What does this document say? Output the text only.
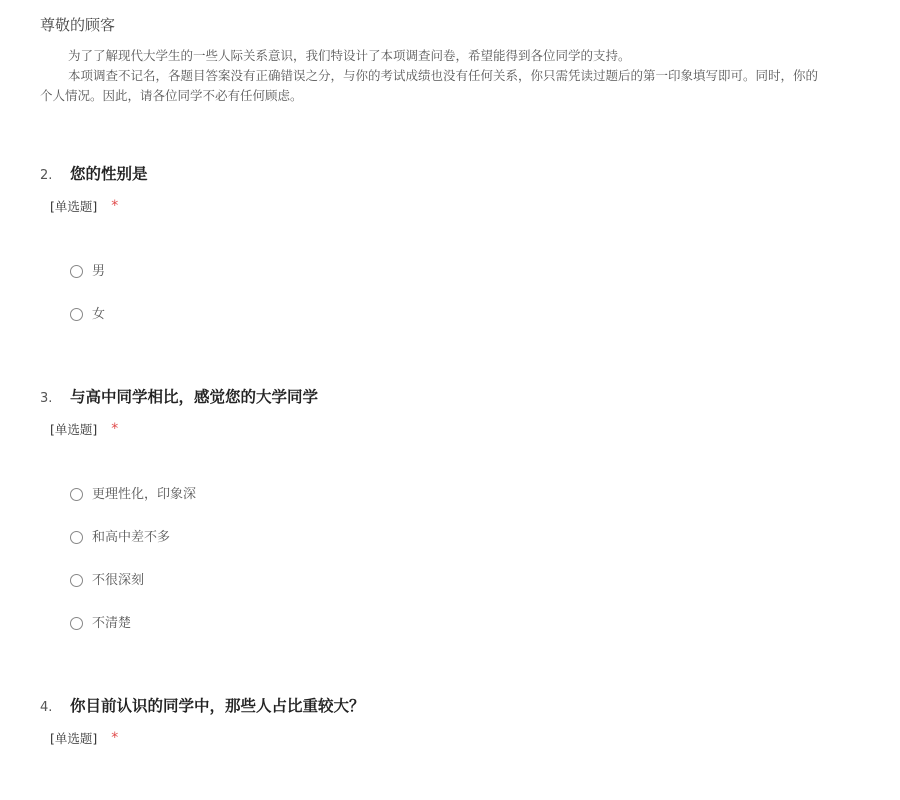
尊敬的顾客
为了了解现代大学生的一些人际关系意识，我们特设计了本项调查问卷，希望能得到各位同学的支持。
本项调查不记名，各题目答案没有正确错误之分，与你的考试成绩也没有任何关系，你只需凭读过题后的第一印象填写即可。同时，你的
个人情况。因此，请各位同学不必有任何顾虑。
2.	您的性别是
[单选题] *
男
女
3.	与高中同学相比，感觉您的大学同学
[单选题] *
更理性化，印象深
和高中差不多
不很深刻
不清楚
4.	你目前认识的同学中，那些人占比重较大？
[单选题] *
